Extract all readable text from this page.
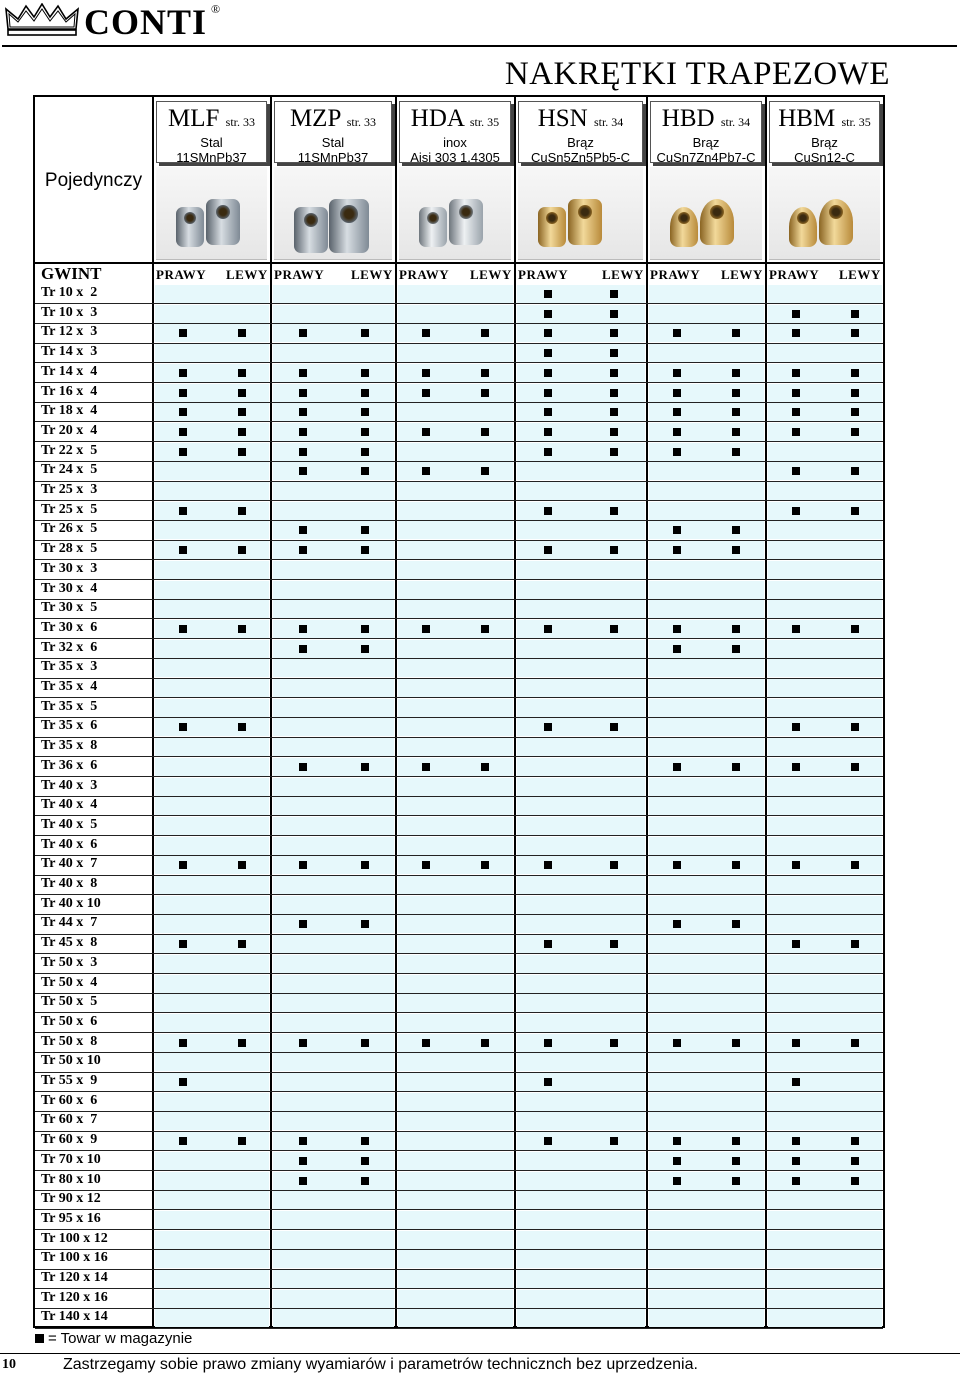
CONTI ®
NAKRĘTKI TRAPEZOWE
Pojedynczy
GWINT
MLF str. 33
Stal
11SMnPb37
MZP str. 33
Stal
11SMnPb37
HDA str. 35
inox
Aisi 303 1.4305
HSN str. 34
Brąz
CuSn5Zn5Pb5-C
HBD str. 34
Brąz
CuSn7Zn4Pb7-C
HBM str. 35
Brąz
CuSn12-C
PRAWY LEWY PRAWY LEWY PRAWY LEWY PRAWY	LEWY PRAWY LEWY PRAWY LEWY
Tr 10 x  2
Tr 10 x  3
Tr 12 x  3
Tr 14 x  3
Tr 14 x  4
Tr 16 x  4
Tr 18 x  4
Tr 20 x  4
Tr 22 x  5
Tr 24 x  5
Tr 25 x  3
Tr 25 x  5
Tr 26 x  5
Tr 28 x  5
Tr 30 x  3
Tr 30 x  4
Tr 30 x  5
Tr 30 x  6
Tr 32 x  6
Tr 35 x  3
Tr 35 x  4
Tr 35 x  5
Tr 35 x  6
Tr 35 x  8
Tr 36 x  6
Tr 40 x  3
Tr 40 x  4
Tr 40 x  5
Tr 40 x  6
Tr 40 x  7
Tr 40 x  8
Tr 40 x 10
Tr 44 x  7
Tr 45 x  8
Tr 50 x  3
Tr 50 x  4
Tr 50 x  5
Tr 50 x  6
Tr 50 x  8
Tr 50 x 10
Tr 55 x  9
Tr 60 x  6
Tr 60 x  7
Tr 60 x  9
Tr 70 x 10
Tr 80 x 10
Tr 90 x 12
Tr 95 x 16
Tr 100 x 12
Tr 100 x 16
Tr 120 x 14
Tr 120 x 16
Tr 140 x 14
= Towar w magazynie
10	Zastrzegamy sobie prawo zmiany wyamiarów i parametrów technicznch bez uprzedzenia.
